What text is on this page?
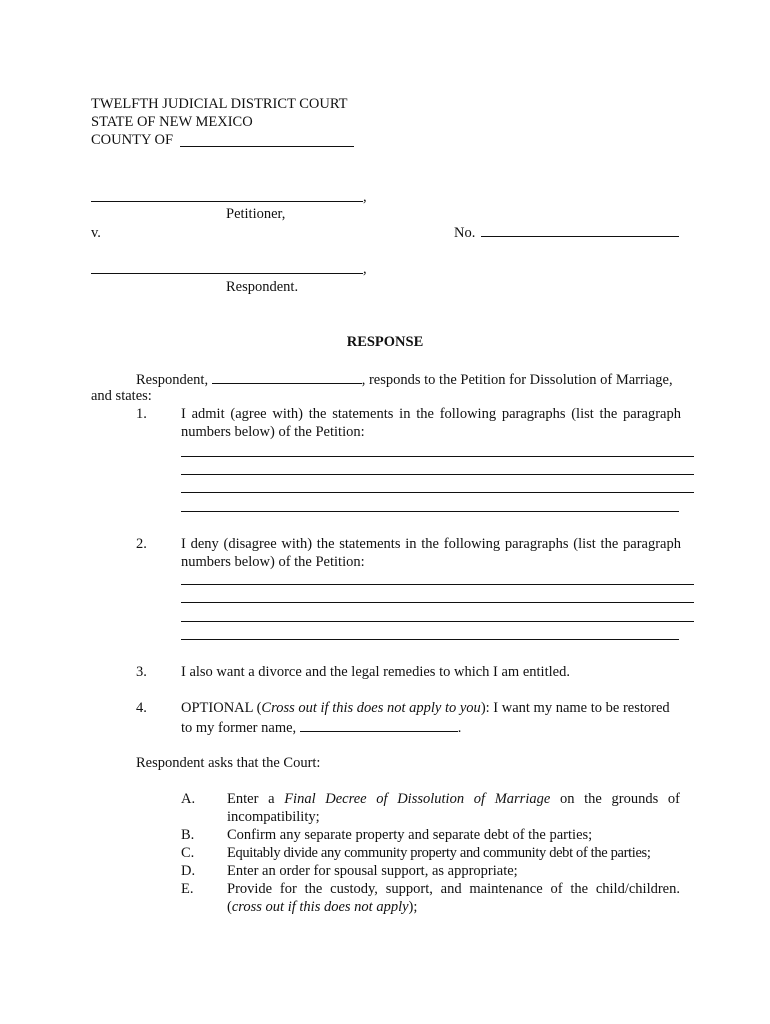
TWELFTH JUDICIAL DISTRICT COURT
STATE OF NEW MEXICO
COUNTY OF
,
Petitioner,
v.	No.
,
Respondent.
RESPONSE
Respondent,	, responds to the Petition for Dissolution of Marriage,
and states:
1. I admit (agree with) the statements in the following paragraphs (list the paragraph numbers below) of the Petition:
2. I deny (disagree with) the statements in the following paragraphs (list the paragraph numbers below) of the Petition:
3. I also want a divorce and the legal remedies to which I am entitled.
4. OPTIONAL (Cross out if this does not apply to you): I want my name to be restored
to my former name,	.
Respondent asks that the Court:
A. Enter a Final Decree of Dissolution of Marriage on the grounds of incompatibility;
B. Confirm any separate property and separate debt of the parties;
C. Equitably divide any community property and community debt of the parties;
D. Enter an order for spousal support, as appropriate;
E. Provide for the custody, support, and maintenance of the child/children. (cross out if this does not apply);
